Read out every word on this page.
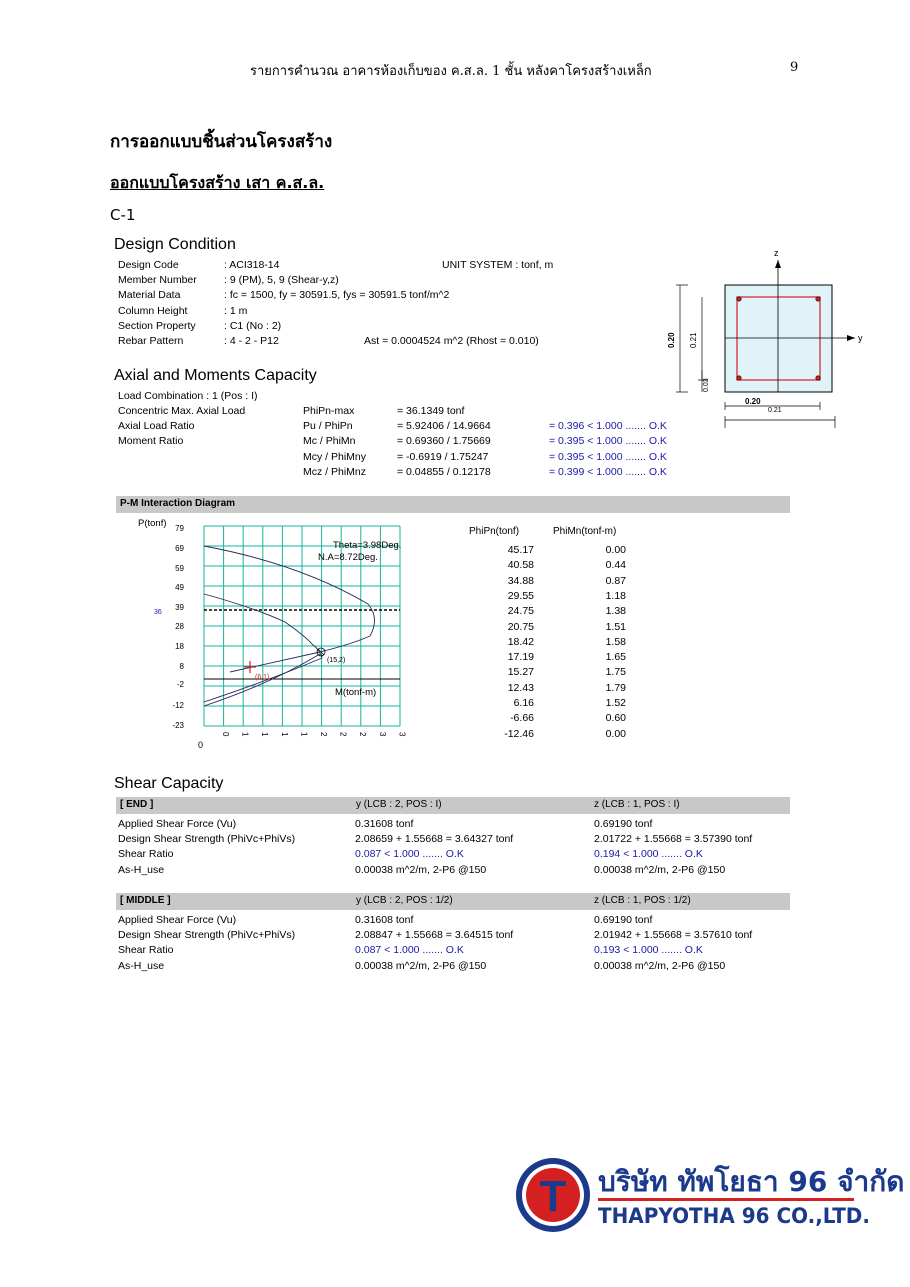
รายการคำนวณ อาคารห้องเก็บของ ค.ส.ล. 1 ชั้น หลังคาโครงสร้างเหล็ก	9
การออกแบบชิ้นส่วนโครงสร้าง
ออกแบบโครงสร้าง เสา ค.ส.ล.
C-1
Design Condition
Design Code	: ACI318-14
Member Number	: 9 (PM), 5, 9 (Shear-y,z)
Material Data	: fc = 1500, fy = 30591.5, fys = 30591.5 tonf/m^2
Column Height	: 1 m
Section Property	: C1 (No : 2)
Rebar Pattern	: 4 - 2 - P12
UNIT SYSTEM : tonf, m
Ast = 0.0004524 m^2 (Rhost = 0.010)
z
y
0.20 0.21
0.03
0.20
0.21
Axial and Moments Capacity
Load Combination : 1 (Pos : I)
Concentric Max. Axial Load	PhiPn-max	= 36.1349 tonf
Axial Load Ratio	Pu / PhiPn	= 5.92406 / 14.9664	= 0.396 < 1.000 ....... O.K
Moment Ratio	Mc / PhiMn	= 0.69360 / 1.75669	= 0.395 < 1.000 ....... O.K
Mcy / PhiMny	= -0.6919 / 1.75247	= 0.395 < 1.000 ....... O.K
Mcz / PhiMnz	= 0.04855 / 0.12178	= 0.399 < 1.000 ....... O.K
P-M Interaction Diagram
P(tonf)
M(tonf-m)
Theta=3.98Deg.
N.A=8.72Deg.
(15,2)
(6,1)
36
0
79
69
59
49
39
28
18
8
-2
-12
-23
0 1 1 1 1 2 2 2 3 3
PhiPn(tonf)	PhiMn(tonf-m)
45.17	0.00
40.58	0.44
34.88	0.87
29.55	1.18
24.75	1.38
20.75	1.51
18.42	1.58
17.19	1.65
15.27	1.75
12.43	1.79
6.16	1.52
-6.66	0.60
-12.46	0.00
Shear Capacity
[ END ]	y (LCB : 2, POS : I)	z (LCB : 1, POS : I)
Applied Shear Force (Vu)	0.31608 tonf	0.69190 tonf
Design Shear Strength (PhiVc+PhiVs)	2.08659 + 1.55668 = 3.64327 tonf	2.01722 + 1.55668 = 3.57390 tonf
Shear Ratio	0.087 < 1.000 ....... O.K	0.194 < 1.000 ....... O.K
As-H_use	0.00038 m^2/m, 2-P6 @150	0.00038 m^2/m, 2-P6 @150
[ MIDDLE ]	y (LCB : 2, POS : 1/2)	z (LCB : 1, POS : 1/2)
Applied Shear Force (Vu)	0.31608 tonf	0.69190 tonf
Design Shear Strength (PhiVc+PhiVs)	2.08847 + 1.55668 = 3.64515 tonf	2.01942 + 1.55668 = 3.57610 tonf
Shear Ratio	0.087 < 1.000 ....... O.K	0.193 < 1.000 ....... O.K
As-H_use	0.00038 m^2/m, 2-P6 @150	0.00038 m^2/m, 2-P6 @150
T บริษัท ทัพโยธา 96 จำกัด
THAPYOTHA 96 CO.,LTD.
